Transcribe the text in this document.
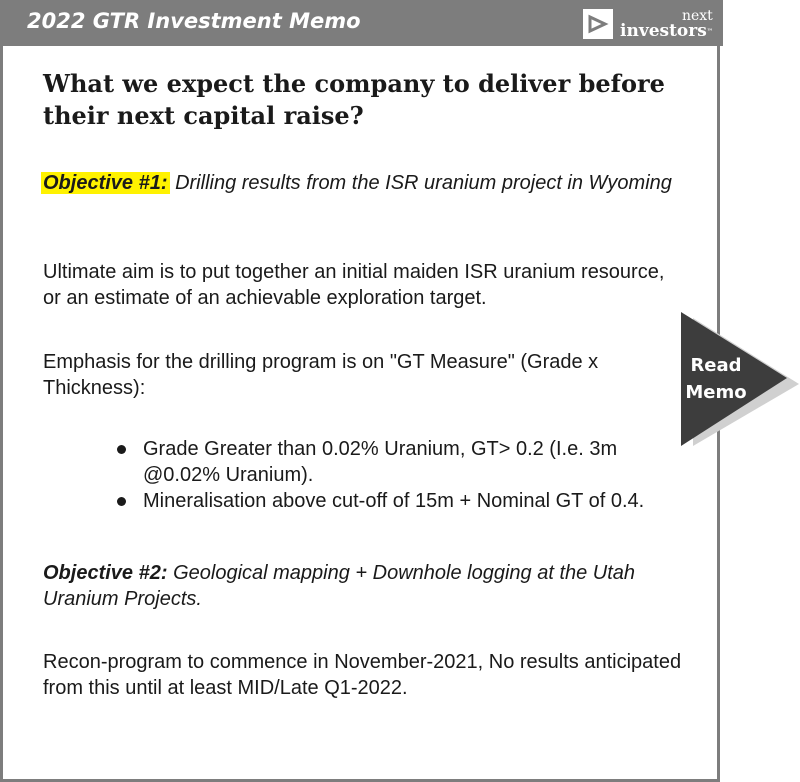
2022 GTR Investment Memo	next
investors™
What we expect the company to deliver before their next capital raise?
Objective #1: Drilling results from the ISR uranium project in Wyoming
Ultimate aim is to put together an initial maiden ISR uranium resource, or an estimate of an achievable exploration target.
Emphasis for the drilling program is on "GT Measure" (Grade x Thickness):
Grade Greater than 0.02% Uranium, GT> 0.2 (I.e. 3m @0.02% Uranium).
Mineralisation above cut-off of 15m + Nominal GT of 0.4.
Objective #2: Geological mapping + Downhole logging at the Utah Uranium Projects.
Recon-program to commence in November-2021, No results anticipated from this until at least MID/Late Q1-2022.
Read
Memo
